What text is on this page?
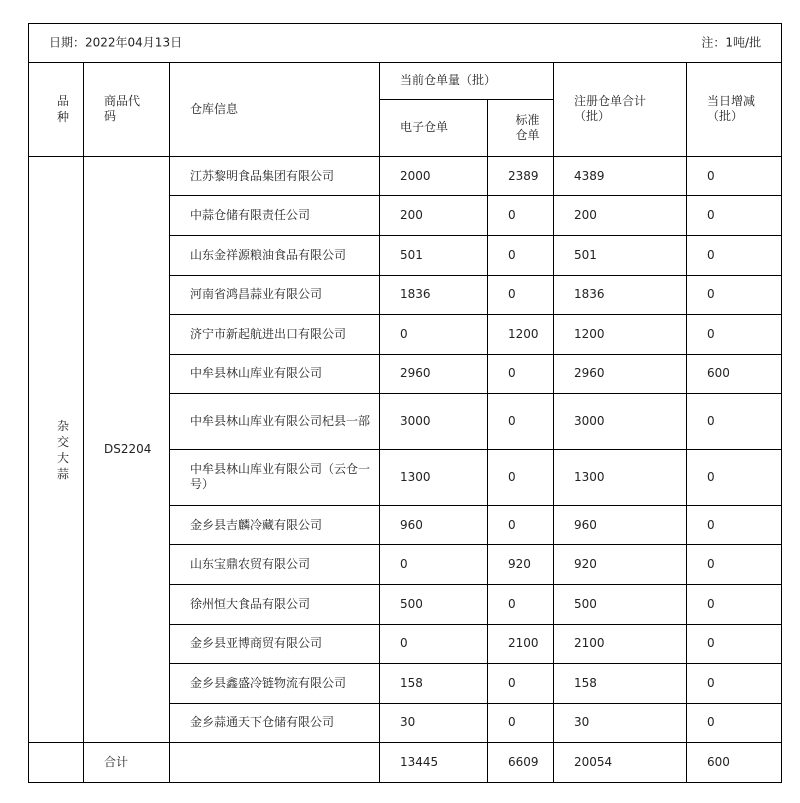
日期：2022年04月13日 注：1吨/批						

品种	商品代码	仓库信息	当前仓单量（批）		注册仓单合计（批）	当日增减（批）
			电子仓单	标准仓单		
杂交大蒜	DS2204	江苏黎明食品集团有限公司	2000	2389	4389	0
		中蒜仓储有限责任公司	200	0	200	0
		山东金祥源粮油食品有限公司	501	0	501	0
		河南省鸿昌蒜业有限公司	1836	0	1836	0
		济宁市新起航进出口有限公司	0	1200	1200	0
		中牟县林山库业有限公司	2960	0	2960	600
		中牟县林山库业有限公司杞县一部	3000	0	3000	0
		中牟县林山库业有限公司（云仓一号）	1300	0	1300	0
		金乡县吉麟冷藏有限公司	960	0	960	0
		山东宝鼎农贸有限公司	0	920	920	0
		徐州恒大食品有限公司	500	0	500	0
		金乡县亚博商贸有限公司	0	2100	2100	0
		金乡县鑫盛冷链物流有限公司	158	0	158	0
		金乡蒜通天下仓储有限公司	30	0	30	0
	合计		13445	6609	20054	600
